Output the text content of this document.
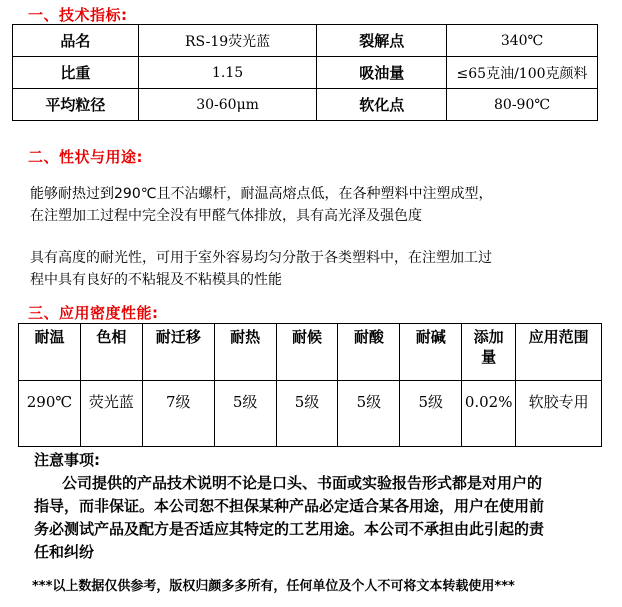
一、技术指标:
品名	RS-19荧光蓝	裂解点	340℃
比重	1.15	吸油量	≤65克油/100克颜料
平均粒径	30-60μm	软化点	80-90℃
二、性状与用途:
能够耐热过到290℃且不沾螺杆，耐温高熔点低，在各种塑料中注塑成型，
在注塑加工过程中完全没有甲醛气体排放，具有高光泽及强色度
具有高度的耐光性，可用于室外容易均匀分散于各类塑料中，在注塑加工过
程中具有良好的不粘辊及不粘模具的性能
三、应用密度性能:
耐温	色相	耐迁移	耐热	耐候	耐酸	耐碱	添加量	应用范围
290℃	荧光蓝	7级	5级	5级	5级	5级	0.02%	软胶专用
注意事项:
公司提供的产品技术说明不论是口头、书面或实验报告形式都是对用户的
指导，而非保证。本公司恕不担保某种产品必定适合某各用途，用户在使用前
务必测试产品及配方是否适应其特定的工艺用途。本公司不承担由此引起的责
任和纠纷
***以上数据仅供参考，版权归颜多多所有，任何单位及个人不可将文本转载使用***
